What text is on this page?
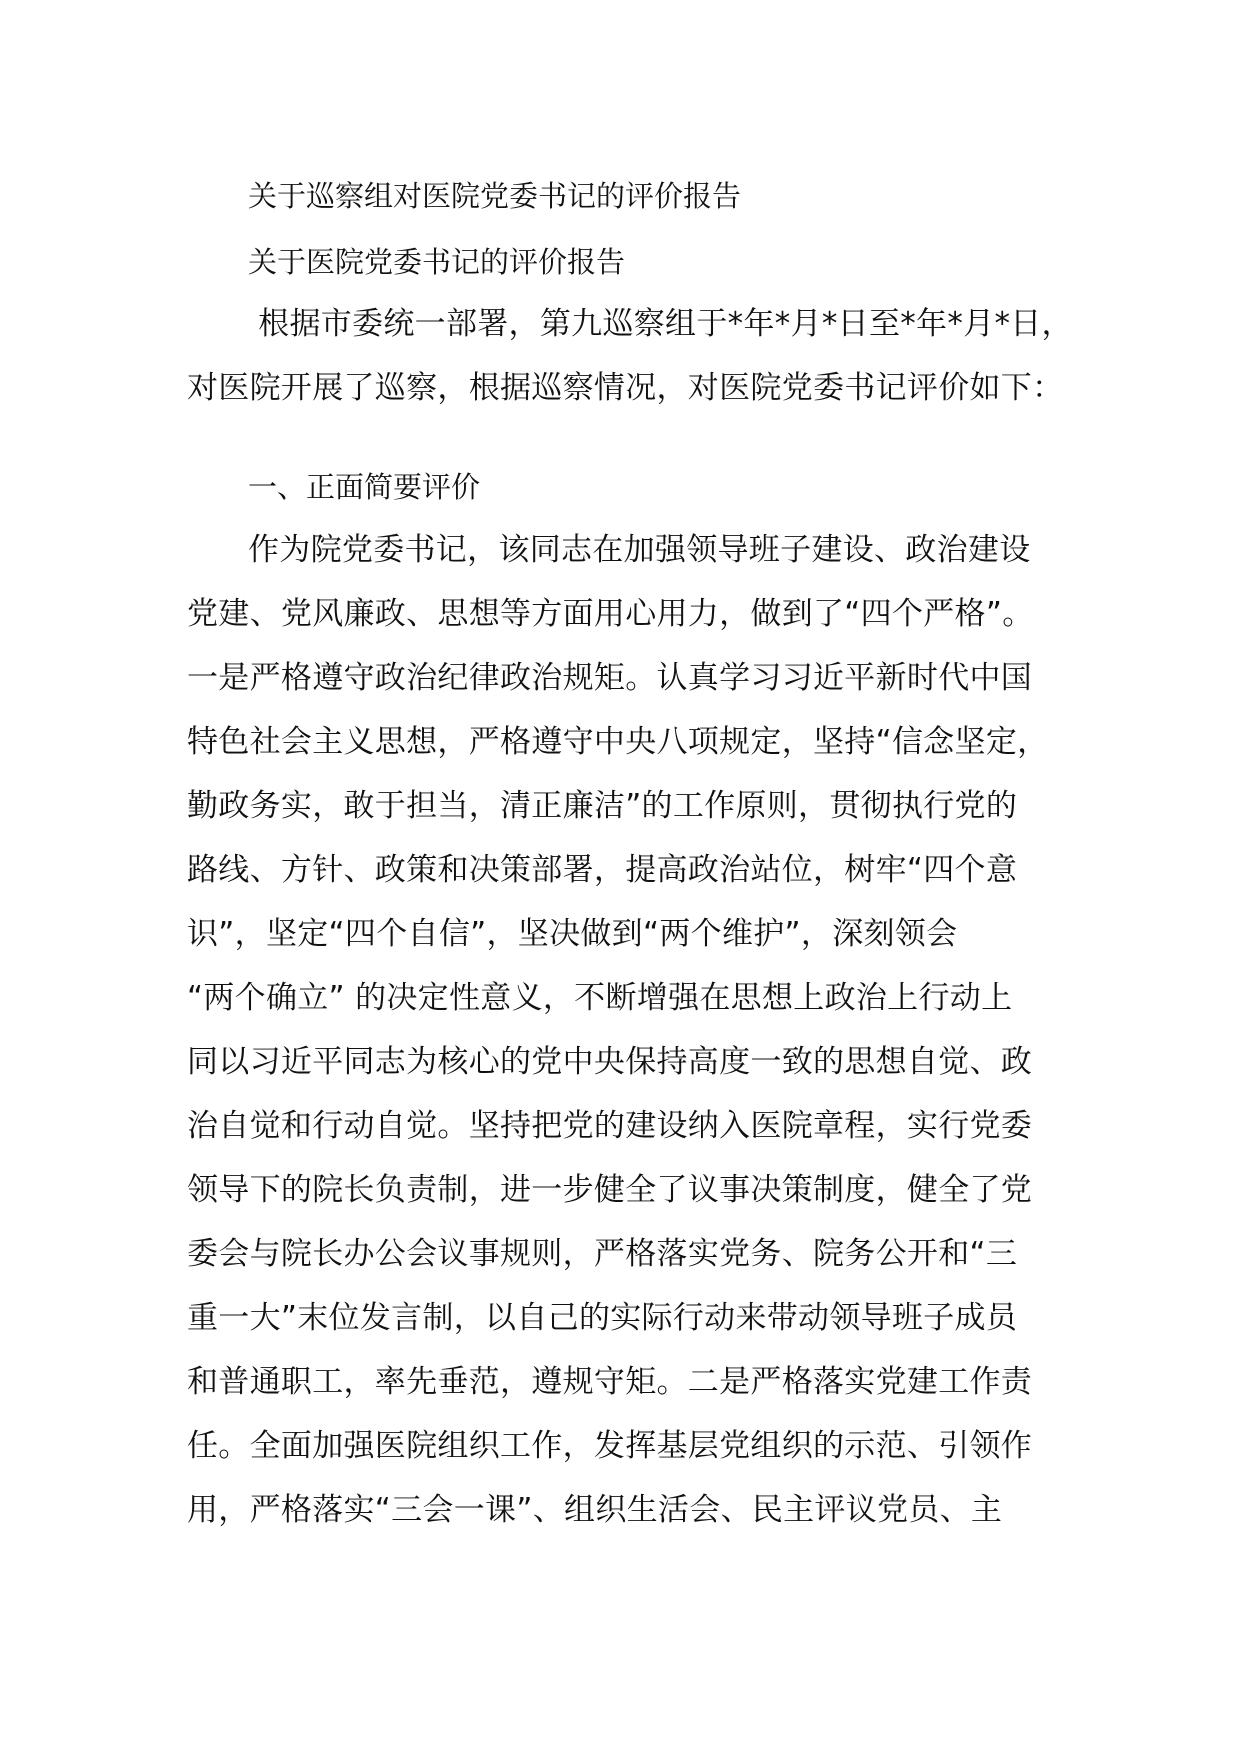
关于巡察组对医院党委书记的评价报告
关于医院党委书记的评价报告
根据市委统一部署，第九巡察组于*年*月*日至*年*月*日，
对医院开展了巡察，根据巡察情况，对医院党委书记评价如下：
一、正面简要评价
作为院党委书记，该同志在加强领导班子建设、政治建设
党建、党风廉政、思想等方面用心用力，做到了“四个严格”。
一是严格遵守政治纪律政治规矩。认真学习习近平新时代中国
特色社会主义思想，严格遵守中央八项规定，坚持“信念坚定，
勤政务实，敢于担当，清正廉洁”的工作原则，贯彻执行党的
路线、方针、政策和决策部署，提高政治站位，树牢“四个意
识”，坚定“四个自信”，坚决做到“两个维护”，深刻领会
“两个确立” 的决定性意义，不断增强在思想上政治上行动上
同以习近平同志为核心的党中央保持高度一致的思想自觉、政
治自觉和行动自觉。坚持把党的建设纳入医院章程，实行党委
领导下的院长负责制，进一步健全了议事决策制度，健全了党
委会与院长办公会议事规则，严格落实党务、院务公开和“三
重一大”末位发言制，以自己的实际行动来带动领导班子成员
和普通职工，率先垂范，遵规守矩。二是严格落实党建工作责
任。全面加强医院组织工作，发挥基层党组织的示范、引领作
用，严格落实“三会一课”、组织生活会、民主评议党员、主
